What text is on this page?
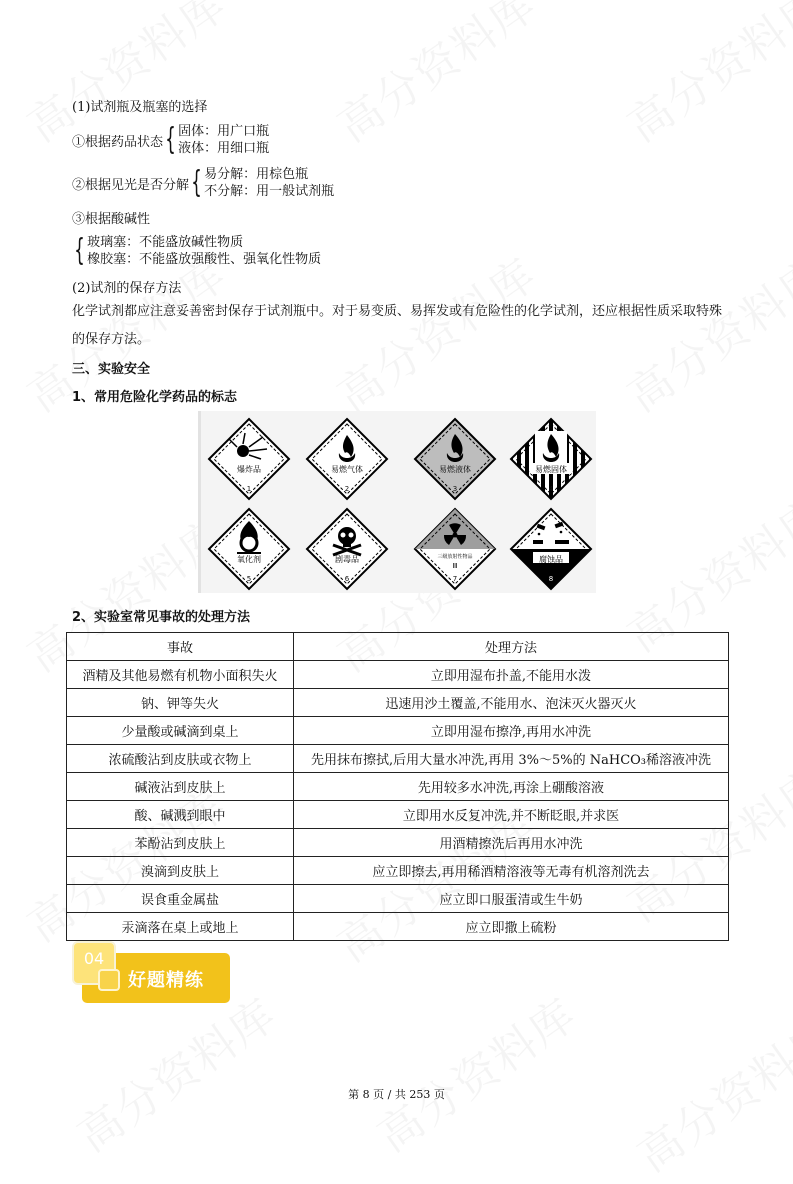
(1)试剂瓶及瓶塞的选择
①根据药品状态 { 固体：用广口瓶
液体：用细口瓶
②根据见光是否分解 { 易分解：用棕色瓶
不分解：用一般试剂瓶
③根据酸碱性
{ 玻璃塞：不能盛放碱性物质
橡胶塞：不能盛放强酸性、强氧化性物质
(2)试剂的保存方法
化学试剂都应注意妥善密封保存于试剂瓶中。对于易变质、易挥发或有危险性的化学试剂，还应根据性质采取特殊的保存方法。
三、实验安全
1、常用危险化学药品的标志
爆炸品
1
易燃气体
2
易燃液体
3
易燃固体
4
氧化剂
5
剧毒品
6
Ⅲ
三级放射性物品
7
腐蚀品
8
2、实验室常见事故的处理方法
事故	处理方法
酒精及其他易燃有机物小面积失火	立即用湿布扑盖,不能用水泼
钠、钾等失火	迅速用沙土覆盖,不能用水、泡沫灭火器灭火
少量酸或碱滴到桌上	立即用湿布擦净,再用水冲洗
浓硫酸沾到皮肤或衣物上	先用抹布擦拭,后用大量水冲洗,再用 3%～5%的 NaHCO₃稀溶液冲洗
碱液沾到皮肤上	先用较多水冲洗,再涂上硼酸溶液
酸、碱溅到眼中	立即用水反复冲洗,并不断眨眼,并求医
苯酚沾到皮肤上	用酒精擦洗后再用水冲洗
溴滴到皮肤上	应立即擦去,再用稀酒精溶液等无毒有机溶剂洗去
误食重金属盐	应立即口服蛋清或生牛奶
汞滴落在桌上或地上	应立即撒上硫粉
04
好题精练
第 8 页 / 共 253 页
